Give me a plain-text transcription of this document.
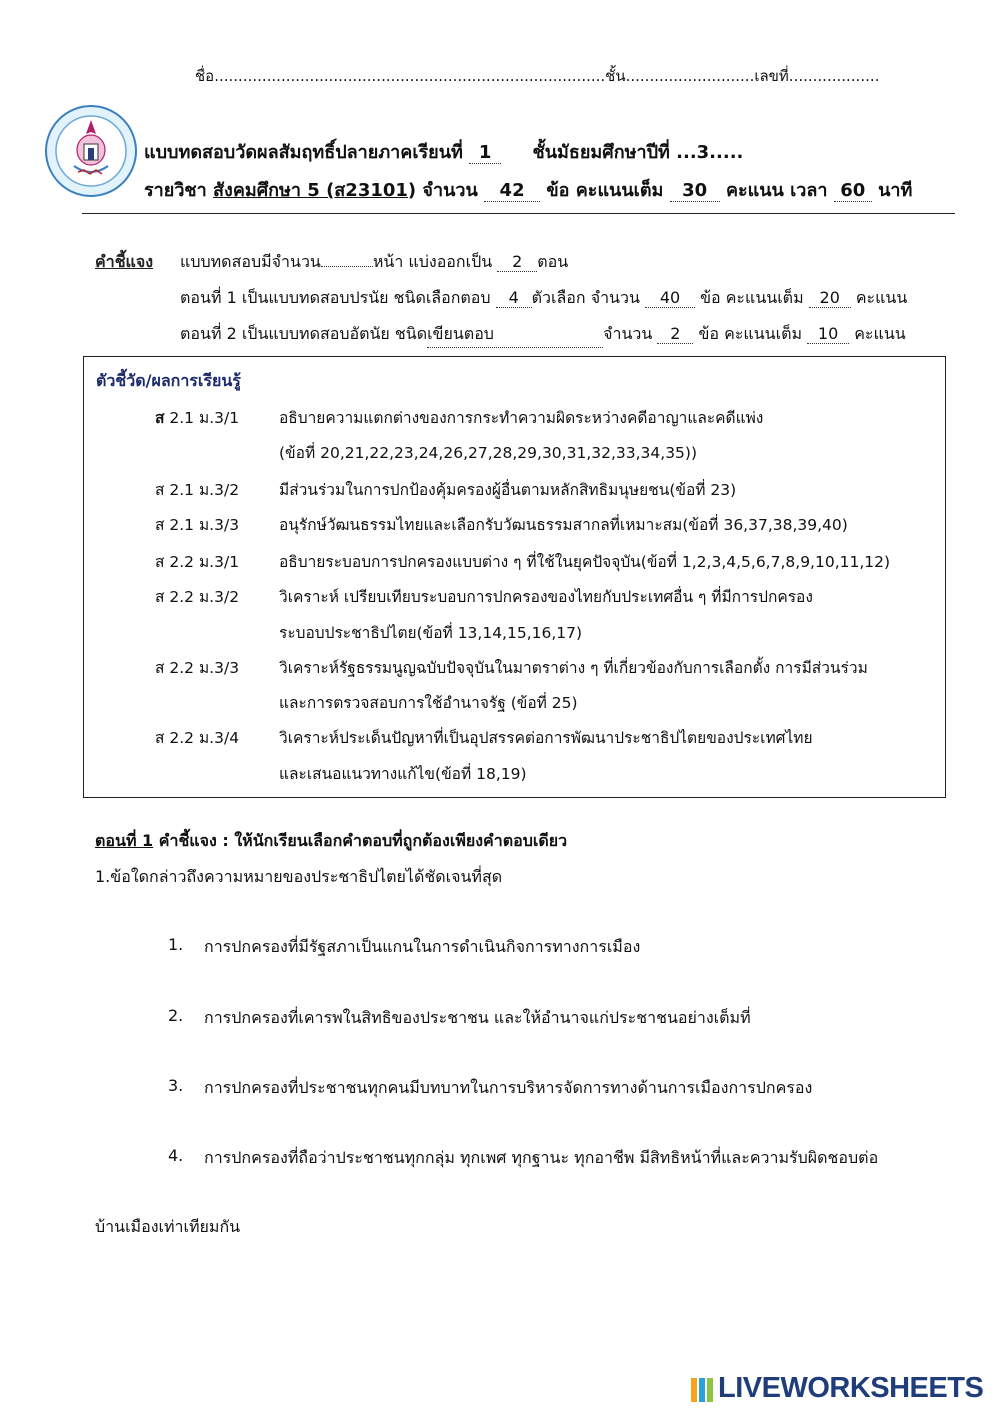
ชื่อ..................................................................................ชั้น...........................เลขที่...................
แบบทดสอบวัดผลสัมฤทธิ์ปลายภาคเรียนที่ 1 ชั้นมัธยมศึกษาปีที่ ...3.....
รายวิชา สังคมศึกษา 5 (ส23101) จำนวน 42 ข้อ คะแนนเต็ม 30 คะแนน เวลา 60 นาที
คำชี้แจง แบบทดสอบมีจำนวน	หน้า แบ่งออกเป็น 2 ตอน
ตอนที่ 1 เป็นแบบทดสอบปรนัย ชนิดเลือกตอบ 4 ตัวเลือก จำนวน 40 ข้อ คะแนนเต็ม 20 คะแนน
ตอนที่ 2 เป็นแบบทดสอบอัตนัย ชนิดเขียนตอบ	จำนวน 2 ข้อ คะแนนเต็ม 10 คะแนน
ตัวชี้วัด/ผลการเรียนรู้
ส 2.1 ม.3/1	อธิบายความแตกต่างของการกระทำความผิดระหว่างคดีอาญาและคดีแพ่ง
(ข้อที่ 20,21,22,23,24,26,27,28,29,30,31,32,33,34,35))
ส 2.1 ม.3/2	มีส่วนร่วมในการปกป้องคุ้มครองผู้อื่นตามหลักสิทธิมนุษยชน(ข้อที่ 23)
ส 2.1 ม.3/3	อนุรักษ์วัฒนธรรมไทยและเลือกรับวัฒนธรรมสากลที่เหมาะสม(ข้อที่ 36,37,38,39,40)
ส 2.2 ม.3/1	อธิบายระบอบการปกครองแบบต่าง ๆ ที่ใช้ในยุคปัจจุบัน(ข้อที่ 1,2,3,4,5,6,7,8,9,10,11,12)
ส 2.2 ม.3/2	วิเคราะห์ เปรียบเทียบระบอบการปกครองของไทยกับประเทศอื่น ๆ ที่มีการปกครอง
ระบอบประชาธิปไตย(ข้อที่ 13,14,15,16,17)
ส 2.2 ม.3/3	วิเคราะห์รัฐธรรมนูญฉบับปัจจุบันในมาตราต่าง ๆ ที่เกี่ยวข้องกับการเลือกตั้ง การมีส่วนร่วม
และการตรวจสอบการใช้อำนาจรัฐ (ข้อที่ 25)
ส 2.2 ม.3/4	วิเคราะห์ประเด็นปัญหาที่เป็นอุปสรรคต่อการพัฒนาประชาธิปไตยของประเทศไทย
และเสนอแนวทางแก้ไข(ข้อที่ 18,19)
ตอนที่ 1 คำชี้แจง : ให้นักเรียนเลือกคำตอบที่ถูกต้องเพียงคำตอบเดียว
1.ข้อใดกล่าวถึงความหมายของประชาธิปไตยได้ชัดเจนที่สุด
1. การปกครองที่มีรัฐสภาเป็นแกนในการดำเนินกิจการทางการเมือง
2. การปกครองที่เคารพในสิทธิของประชาชน และให้อำนาจแก่ประชาชนอย่างเต็มที่
3. การปกครองที่ประชาชนทุกคนมีบทบาทในการบริหารจัดการทางด้านการเมืองการปกครอง
4. การปกครองที่ถือว่าประชาชนทุกกลุ่ม ทุกเพศ ทุกฐานะ ทุกอาชีพ มีสิทธิหน้าที่และความรับผิดชอบต่อ
บ้านเมืองเท่าเทียมกัน
LIVEWORKSHEETS
